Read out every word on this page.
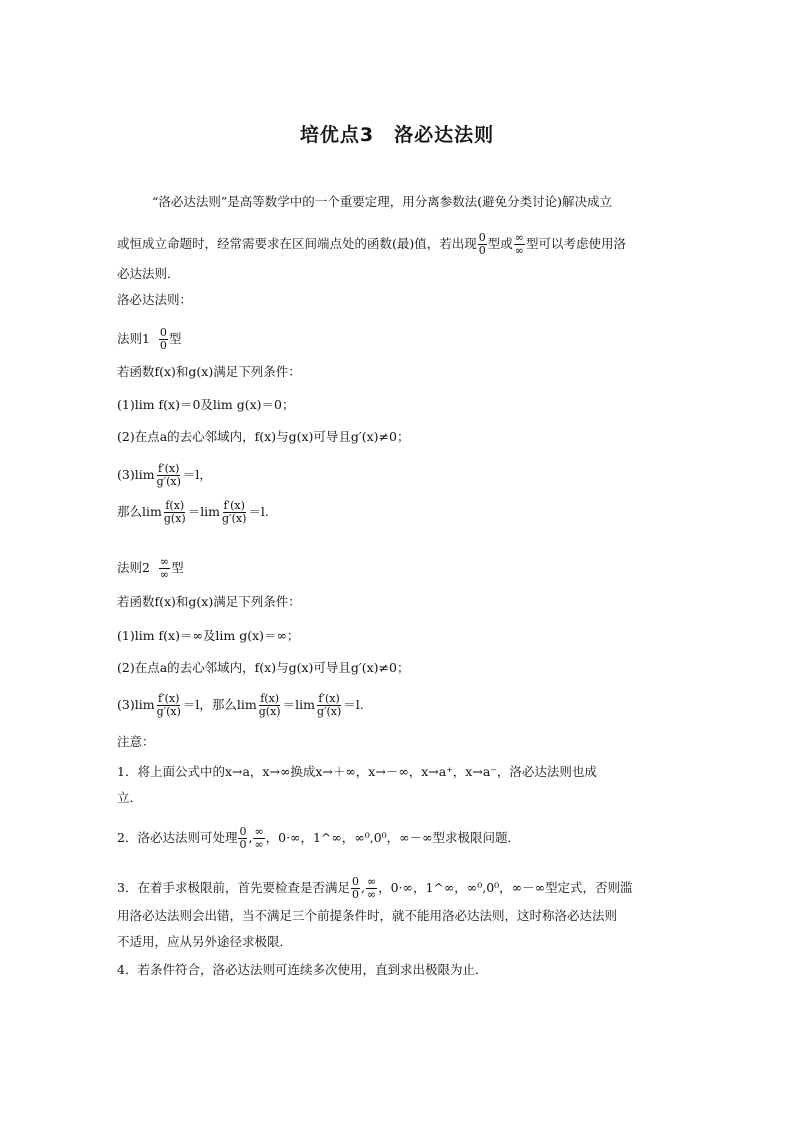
培优点3 洛必达法则
“洛必达法则”是高等数学中的一个重要定理，用分离参数法(避免分类讨论)解决成立
或恒成立命题时，经常需要求在区间端点处的函数(最)值，若出现 $\frac{0}{0}$ 型或 $\frac{\infty}{\infty}$ 型可以考虑使用洛
必达法则．
洛必达法则：
法则$1 \frac{0}{0}$ 型
若函数f(x)和g(x)满足下列条件：
(1)lim f(x)＝0及lim g(x)＝0；
(2)在点a的去心邻域内，f(x)与g(x)可导且g′(x)≠0；
$(3)\lim \frac{f'(x)}{g'(x)} =l$，
那么$\lim \frac{f(x)}{g(x)} =\lim \frac{f'(x)}{g'(x)} =l$.
法则$2 \frac{\infty}{\infty}$ 型
若函数f(x)和g(x)满足下列条件：
(1)lim f(x)＝∞及lim g(x)＝∞；
(2)在点a的去心邻域内，f(x)与g(x)可导且g′(x)≠0；
$(3)\lim \frac{f'(x)}{g'(x)} =l$，那么$\lim \frac{f(x)}{g(x)} =\lim \frac{f'(x)}{g'(x)} =l$.
注意：
1．将上面公式中的x→a，x→∞换成x→＋∞，x→－∞，x→a⁺，x→a⁻，洛必达法则也成
立．
2．洛必达法则可处理 $\frac{0}{0}$ , $\frac{\infty}{\infty}$ ，0·∞，1^∞，∞⁰,0⁰，∞－∞型求极限问题．
3．在着手求极限前，首先要检查是否满足 $\frac{0}{0}$ , $\frac{\infty}{\infty}$ ，0·∞，1^∞，∞⁰,0⁰，∞－∞型定式，否则滥
用洛必达法则会出错，当不满足三个前提条件时，就不能用洛必达法则，这时称洛必达法则
不适用，应从另外途径求极限．
4．若条件符合，洛必达法则可连续多次使用，直到求出极限为止．
